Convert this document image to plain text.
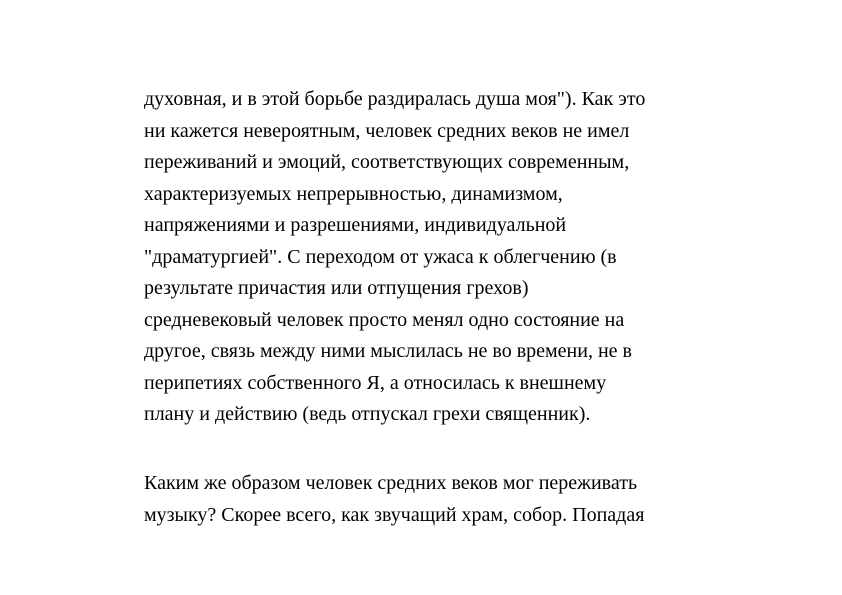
духовная, и в этой борьбе раздиралась душа моя"). Как это
ни кажется невероятным, человек средних веков не имел
переживаний и эмоций, соответствующих современным,
характеризуемых непрерывностью, динамизмом,
напряжениями и разрешениями, индивидуальной
"драматургией". С переходом от ужаса к облегчению (в
результате причастия или отпущения грехов)
средневековый человек просто менял одно состояние на
другое, связь между ними мыслилась не во времени, не в
перипетиях собственного Я, а относилась к внешнему
плану и действию (ведь отпускал грехи священник).
Каким же образом человек средних веков мог переживать
музыку? Скорее всего, как звучащий храм, собор. Попадая
